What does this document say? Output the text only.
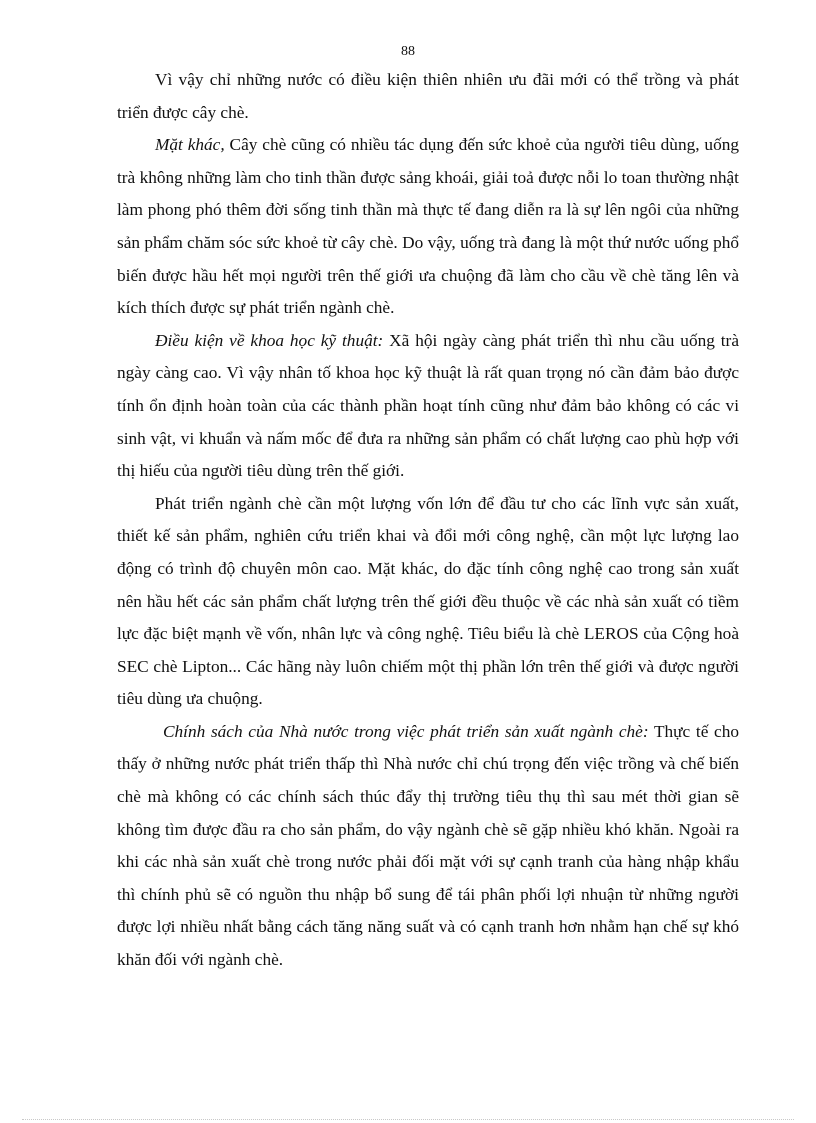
88

Vì vậy chỉ những nước có điều kiện thiên nhiên ưu đãi mới có thể trồng và phát triển được cây chè.

Mặt khác, Cây chè cũng có nhiều tác dụng đến sức khoẻ của người tiêu dùng, uống trà không những làm cho tinh thần được sảng khoái, giải toả được nỗi lo toan thường nhật làm phong phó thêm đời sống tinh thần mà thực tế đang diễn ra là sự lên ngôi của những sản phẩm chăm sóc sức khoẻ từ cây chè. Do vậy, uống trà đang là một thứ nước uống phổ biến được hầu hết mọi người trên thế giới ưa chuộng đã làm cho cầu về chè tăng lên và kích thích được sự phát triển ngành chè.

Điều kiện về khoa học kỹ thuật: Xã hội ngày càng phát triển thì nhu cầu uống trà ngày càng cao. Vì vậy nhân tố khoa học kỹ thuật là rất quan trọng nó cần đảm bảo được tính ổn định hoàn toàn của các thành phần hoạt tính cũng như đảm bảo không có các vi sinh vật, vi khuẩn và nấm mốc để đưa ra những sản phẩm có chất lượng cao phù hợp với thị hiếu của người tiêu dùng trên thế giới.

Phát triển ngành chè cần một lượng vốn lớn để đầu tư cho các lĩnh vực sản xuất, thiết kế sản phẩm, nghiên cứu triển khai và đổi mới công nghệ, cần một lực lượng lao động có trình độ chuyên môn cao. Mặt khác, do đặc tính công nghệ cao trong sản xuất nên hầu hết các sản phẩm chất lượng trên thế giới đều thuộc về các nhà sản xuất có tiềm lực đặc biệt mạnh về vốn, nhân lực và công nghệ. Tiêu biểu là chè LEROS của Cộng hoà SEC chè Lipton... Các hãng này luôn chiếm một thị phần lớn trên thế giới và được người tiêu dùng ưa chuộng.

Chính sách của Nhà nước trong việc phát triển sản xuất ngành chè: Thực tế cho thấy ở những nước phát triển thấp thì Nhà nước chỉ chú trọng đến việc trồng và chế biến chè mà không có các chính sách thúc đẩy thị trường tiêu thụ thì sau mét thời gian sẽ không tìm được đầu ra cho sản phẩm, do vậy ngành chè sẽ gặp nhiều khó khăn. Ngoài ra khi các nhà sản xuất chè trong nước phải đối mặt với sự cạnh tranh của hàng nhập khẩu thì chính phủ sẽ có nguồn thu nhập bổ sung để tái phân phối lợi nhuận từ những người được lợi nhiều nhất bằng cách tăng năng suất và có cạnh tranh hơn nhằm hạn chế sự khó khăn đối với ngành chè.
